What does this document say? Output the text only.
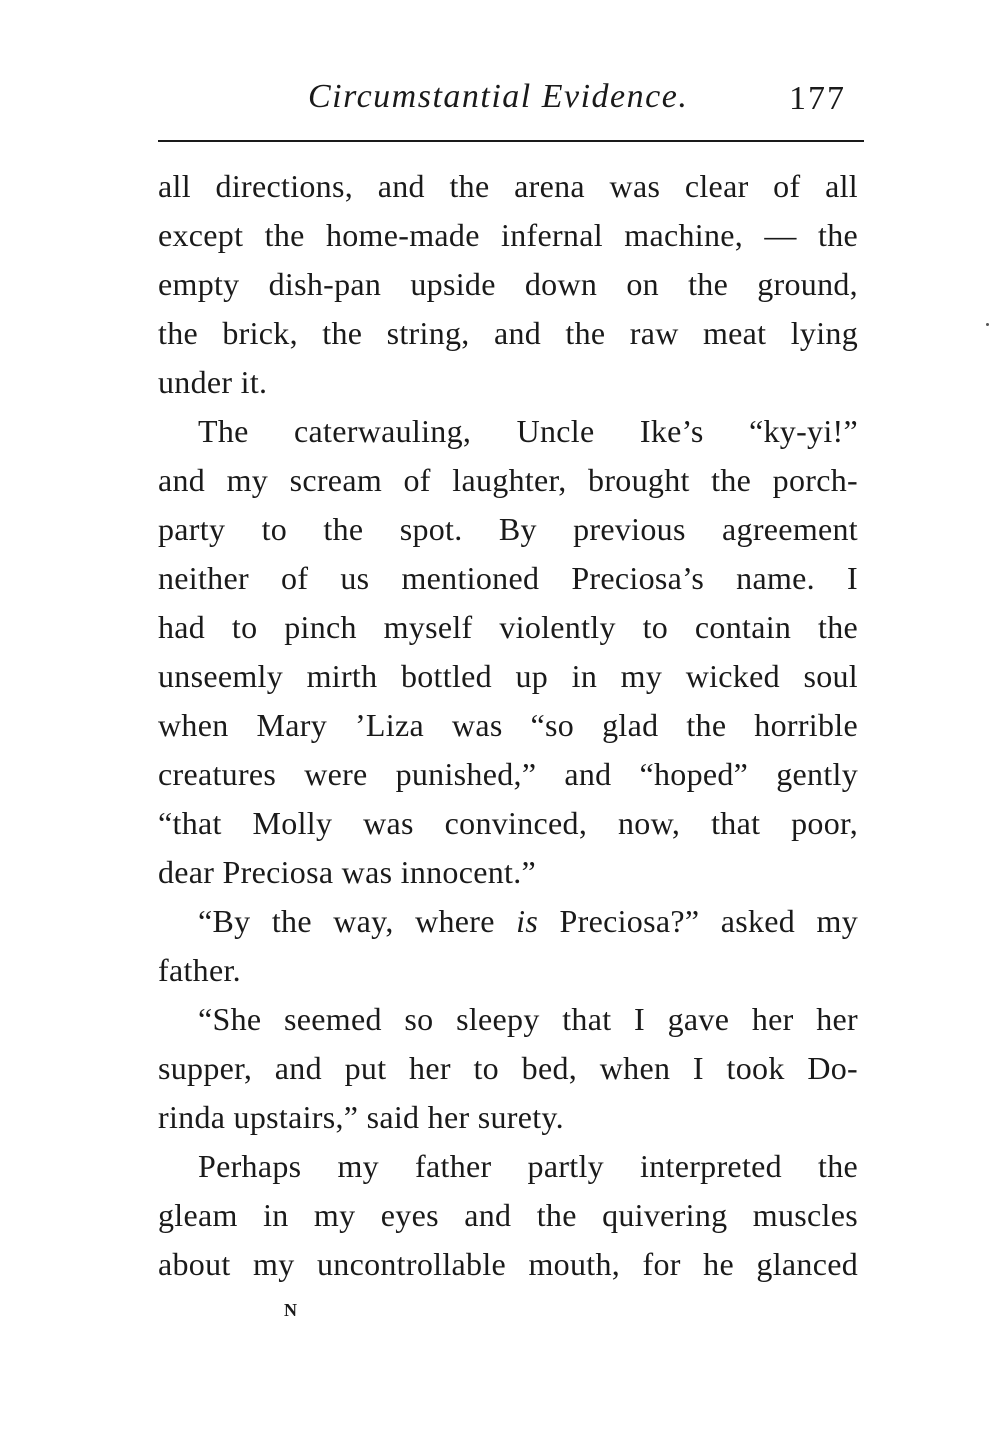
Circumstantial Evidence.	177
all directions, and the arena was clear of all
except the home-made infernal machine, — the
empty dish-pan upside down on the ground,
the brick, the string, and the raw meat lying
under it.
The caterwauling, Uncle Ike’s “ky-yi!”
and my scream of laughter, brought the porch-
party to the spot. By previous agreement
neither of us mentioned Preciosa’s name. I
had to pinch myself violently to contain the
unseemly mirth bottled up in my wicked soul
when Mary ’Liza was “so glad the horrible
creatures were punished,” and “hoped” gently
“that Molly was convinced, now, that poor,
dear Preciosa was innocent.”
“By the way, where is Preciosa?” asked my
father.
“She seemed so sleepy that I gave her her
supper, and put her to bed, when I took Do-
rinda upstairs,” said her surety.
Perhaps my father partly interpreted the
gleam in my eyes and the quivering muscles
about my uncontrollable mouth, for he glanced
N
